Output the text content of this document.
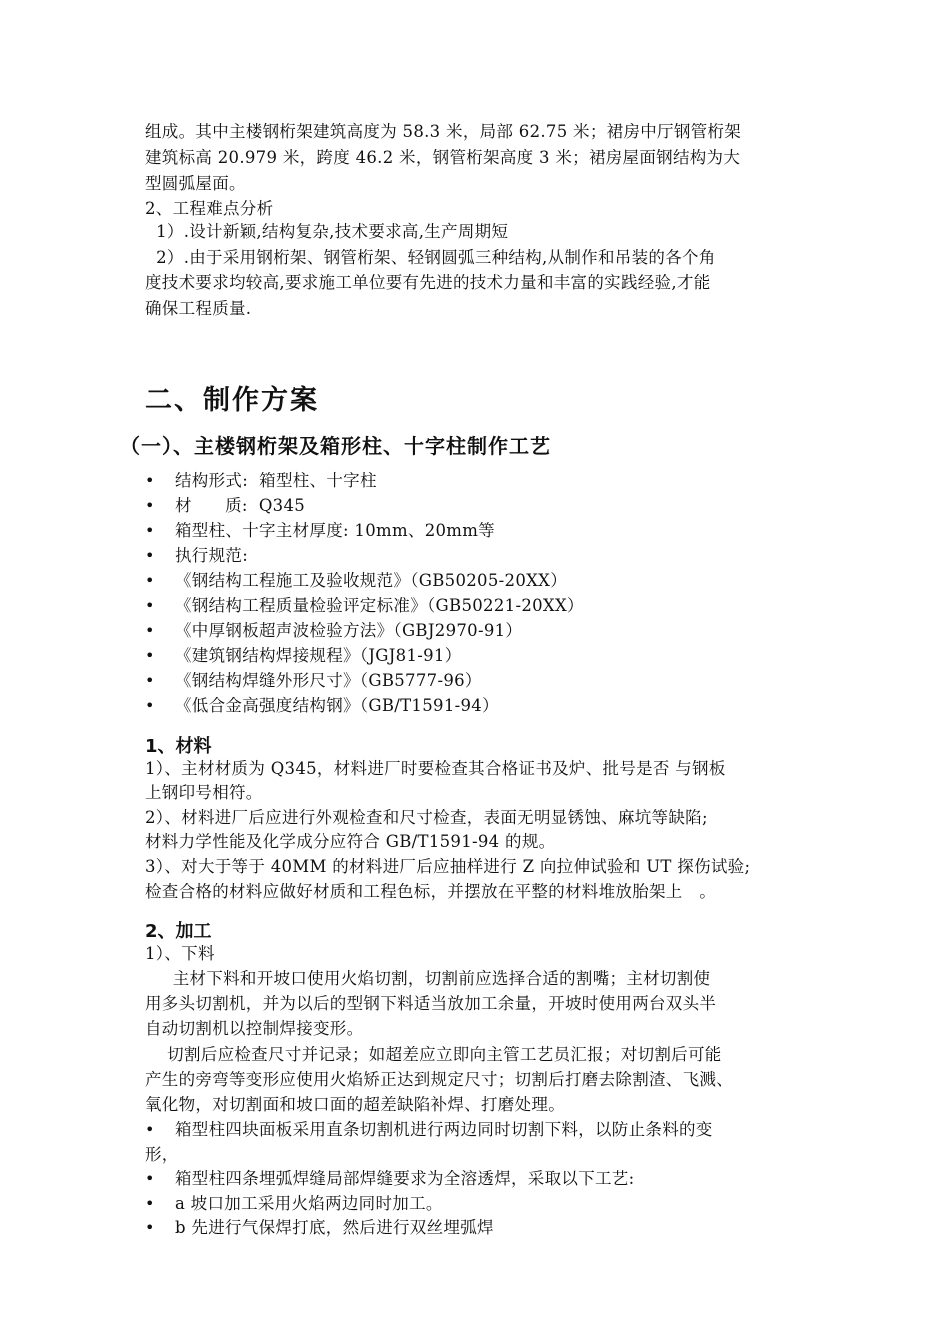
组成。其中主楼钢桁架建筑高度为 58.3 米，局部 62.75 米；裙房中厅钢管桁架
建筑标高 20.979 米，跨度 46.2 米，钢管桁架高度 3 米；裙房屋面钢结构为大
型圆弧屋面。
2、工程难点分析
1）.设计新颖,结构复杂,技术要求高,生产周期短
2）.由于采用钢桁架、钢管桁架、轻钢圆弧三种结构,从制作和吊装的各个角
度技术要求均较高,要求施工单位要有先进的技术力量和丰富的实践经验,才能
确保工程质量.
二、制作方案
（一）、主楼钢桁架及箱形柱、十字柱制作工艺
• 结构形式:  箱型柱、十字柱
• 材      质:  Q345
• 箱型柱、十字主材厚度: 10mm、20mm等
• 执行规范:
• 《钢结构工程施工及验收规范》（GB50205-20XX）
• 《钢结构工程质量检验评定标准》（GB50221-20XX）
• 《中厚钢板超声波检验方法》（GBJ2970-91）
• 《建筑钢结构焊接规程》（JGJ81-91）
• 《钢结构焊缝外形尺寸》（GB5777-96）
• 《低合金高强度结构钢》（GB/T1591-94）
1、材料
1）、主材材质为 Q345，材料进厂时要检查其合格证书及炉、批号是否 与钢板
上钢印号相符。
2）、材料进厂后应进行外观检查和尺寸检查，表面无明显锈蚀、麻坑等缺陷;
材料力学性能及化学成分应符合 GB/T1591-94 的规。
3）、对大于等于 40MM 的材料进厂后应抽样进行 Z 向拉伸试验和 UT 探伤试验;
检查合格的材料应做好材质和工程色标，并摆放在平整的材料堆放胎架上   。
2、加工
1）、下料
主材下料和开坡口使用火焰切割，切割前应选择合适的割嘴；主材切割使
用多头切割机，并为以后的型钢下料适当放加工余量，开坡时使用两台双头半
自动切割机以控制焊接变形。
切割后应检查尺寸并记录；如超差应立即向主管工艺员汇报；对切割后可能
产生的旁弯等变形应使用火焰矫正达到规定尺寸；切割后打磨去除割渣、飞溅、
氧化物，对切割面和坡口面的超差缺陷补焊、打磨处理。
• 箱型柱四块面板采用直条切割机进行两边同时切割下料，以防止条料的变
形，
• 箱型柱四条埋弧焊缝局部焊缝要求为全溶透焊，采取以下工艺:
• a 坡口加工采用火焰两边同时加工。
• b 先进行气保焊打底，然后进行双丝埋弧焊
